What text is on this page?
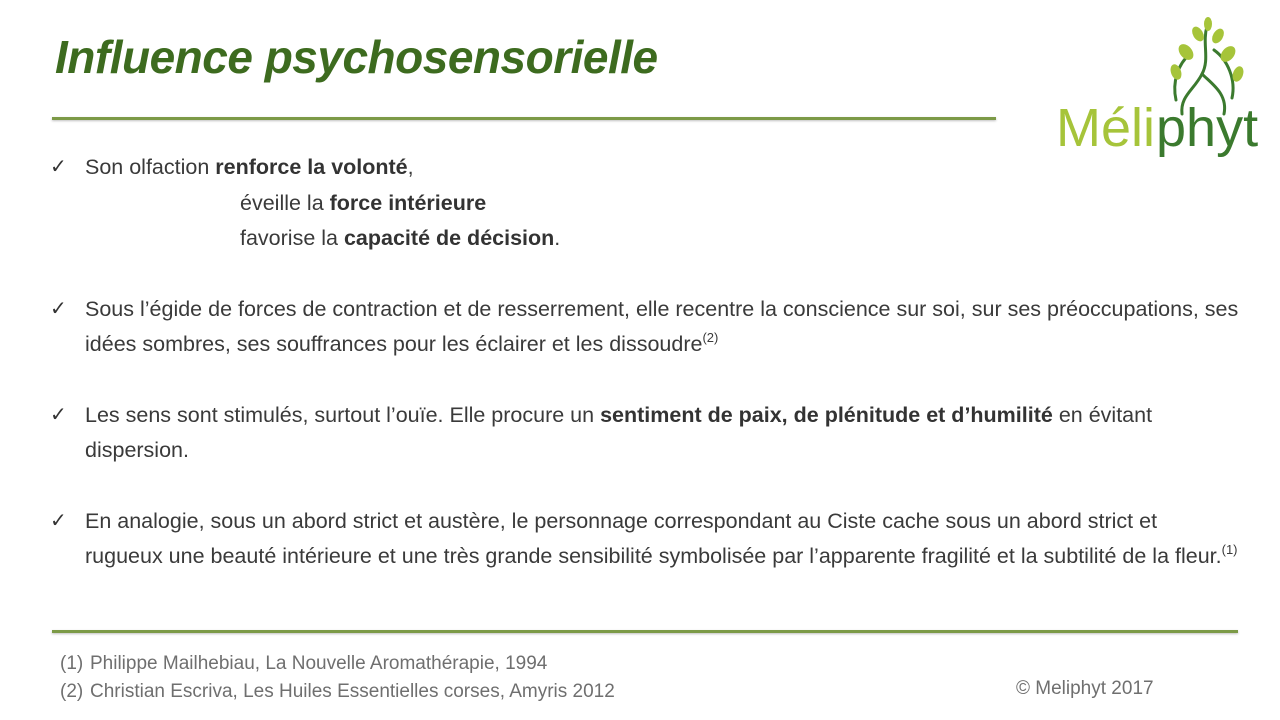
Influence psychosensorielle
Méli phyt
✓ Son olfaction renforce la volonté,
éveille la force intérieure
favorise la capacité de décision.
✓ Sous l’égide de forces de contraction et de resserrement, elle recentre la conscience sur soi, sur ses préoccupations, ses idées sombres, ses souffrances pour les éclairer et les dissoudre$^{(2)}$
✓ Les sens sont stimulés, surtout l’ouïe. Elle procure un sentiment de paix, de plénitude et d’humilité en évitant dispersion.
✓ En analogie, sous un abord strict et austère, le personnage correspondant au Ciste cache sous un abord strict et rugueux une beauté intérieure et une très grande sensibilité symbolisée par l’apparente fragilité et la subtilité de la fleur.$^{(1)}$
(1) Philippe Mailhebiau, La Nouvelle Aromathérapie, 1994
(2) Christian Escriva, Les Huiles Essentielles corses, Amyris 2012	© Meliphyt 2017
